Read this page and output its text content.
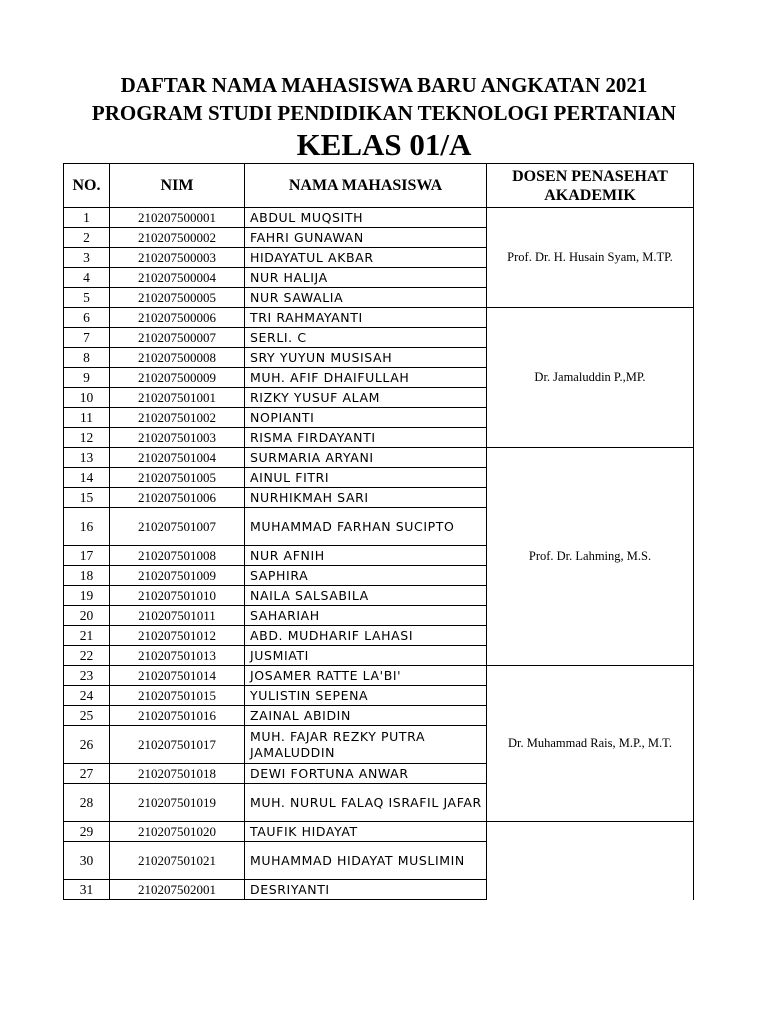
DAFTAR NAMA MAHASISWA BARU ANGKATAN 2021
PROGRAM STUDI PENDIDIKAN TEKNOLOGI PERTANIAN
KELAS 01/A
NO.	NIM	NAMA MAHASISWA	DOSEN PENASEHAT AKADEMIK
1	210207500001	ABDUL MUQSITH	Prof. Dr. H. Husain Syam, M.TP.
2	210207500002	FAHRI GUNAWAN	
3	210207500003	HIDAYATUL AKBAR	
4	210207500004	NUR HALIJA	
5	210207500005	NUR SAWALIA	
6	210207500006	TRI RAHMAYANTI	Dr. Jamaluddin P.,MP.
7	210207500007	SERLI. C	
8	210207500008	SRY YUYUN MUSISAH	
9	210207500009	MUH. AFIF DHAIFULLAH	
10	210207501001	RIZKY YUSUF ALAM	
11	210207501002	NOPIANTI	
12	210207501003	RISMA FIRDAYANTI	
13	210207501004	SURMARIA ARYANI	Prof. Dr. Lahming, M.S.
14	210207501005	AINUL FITRI	
15	210207501006	NURHIKMAH SARI	
16	210207501007	MUHAMMAD FARHAN SUCIPTO	
17	210207501008	NUR AFNIH	
18	210207501009	SAPHIRA	
19	210207501010	NAILA SALSABILA	
20	210207501011	SAHARIAH	
21	210207501012	ABD. MUDHARIF LAHASI	
22	210207501013	JUSMIATI	
23	210207501014	JOSAMER RATTE LA'BI'	Dr. Muhammad Rais, M.P., M.T.
24	210207501015	YULISTIN SEPENA	
25	210207501016	ZAINAL ABIDIN	
26	210207501017	MUH. FAJAR REZKY PUTRA JAMALUDDIN	
27	210207501018	DEWI FORTUNA ANWAR	
28	210207501019	MUH. NURUL FALAQ ISRAFIL JAFAR	
29	210207501020	TAUFIK HIDAYAT	
30	210207501021	MUHAMMAD HIDAYAT MUSLIMIN	
31	210207502001	DESRIYANTI	
